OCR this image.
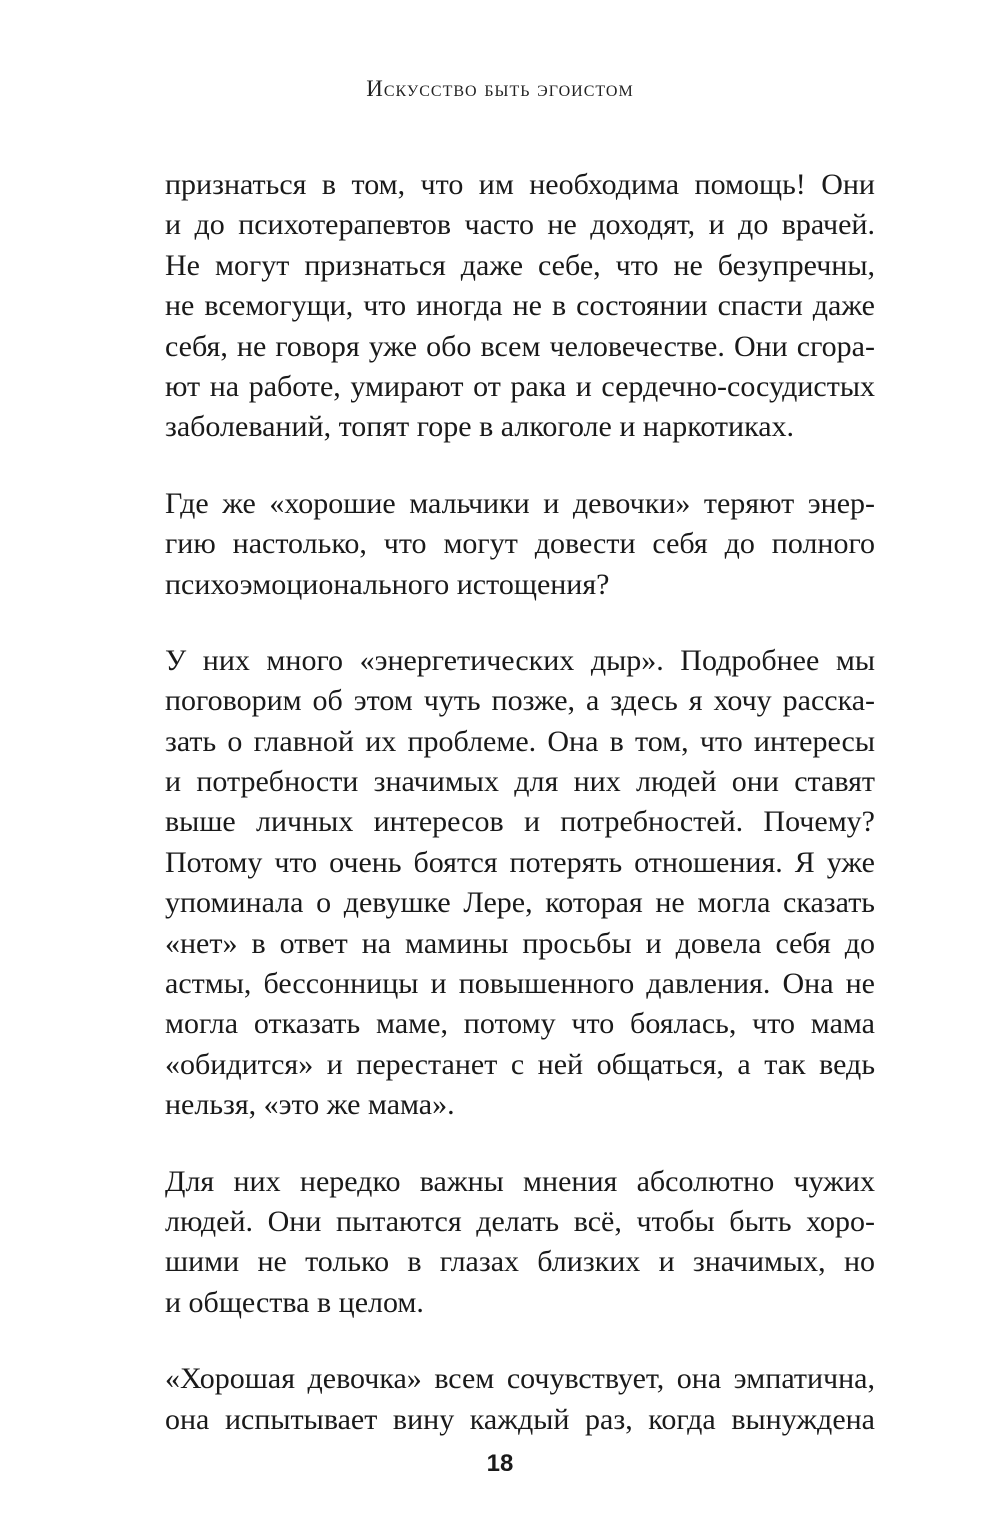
Искусство быть эгоистом
признаться в том, что им необходима помощь! Они
и до психотерапевтов часто не доходят, и до врачей.
Не могут признаться даже себе, что не безупречны,
не всемогущи, что иногда не в состоянии спасти даже
себя, не говоря уже обо всем человечестве. Они сгора-
ют на работе, умирают от рака и сердечно-сосудистых
заболеваний, топят горе в алкоголе и наркотиках.
Где же «хорошие мальчики и девочки» теряют энер-
гию настолько, что могут довести себя до полного
психоэмоционального истощения?
У них много «энергетических дыр». Подробнее мы
поговорим об этом чуть позже, а здесь я хочу расска-
зать о главной их проблеме. Она в том, что интересы
и потребности значимых для них людей они ставят
выше личных интересов и потребностей. Почему?
Потому что очень боятся потерять отношения. Я уже
упоминала о девушке Лере, которая не могла сказать
«нет» в ответ на мамины просьбы и довела себя до
астмы, бессонницы и повышенного давления. Она не
могла отказать маме, потому что боялась, что мама
«обидится» и перестанет с ней общаться, а так ведь
нельзя, «это же мама».
Для них нередко важны мнения абсолютно чужих
людей. Они пытаются делать всё, чтобы быть хоро-
шими не только в глазах близких и значимых, но
и общества в целом.
«Хорошая девочка» всем сочувствует, она эмпатична,
она испытывает вину каждый раз, когда вынуждена
18
